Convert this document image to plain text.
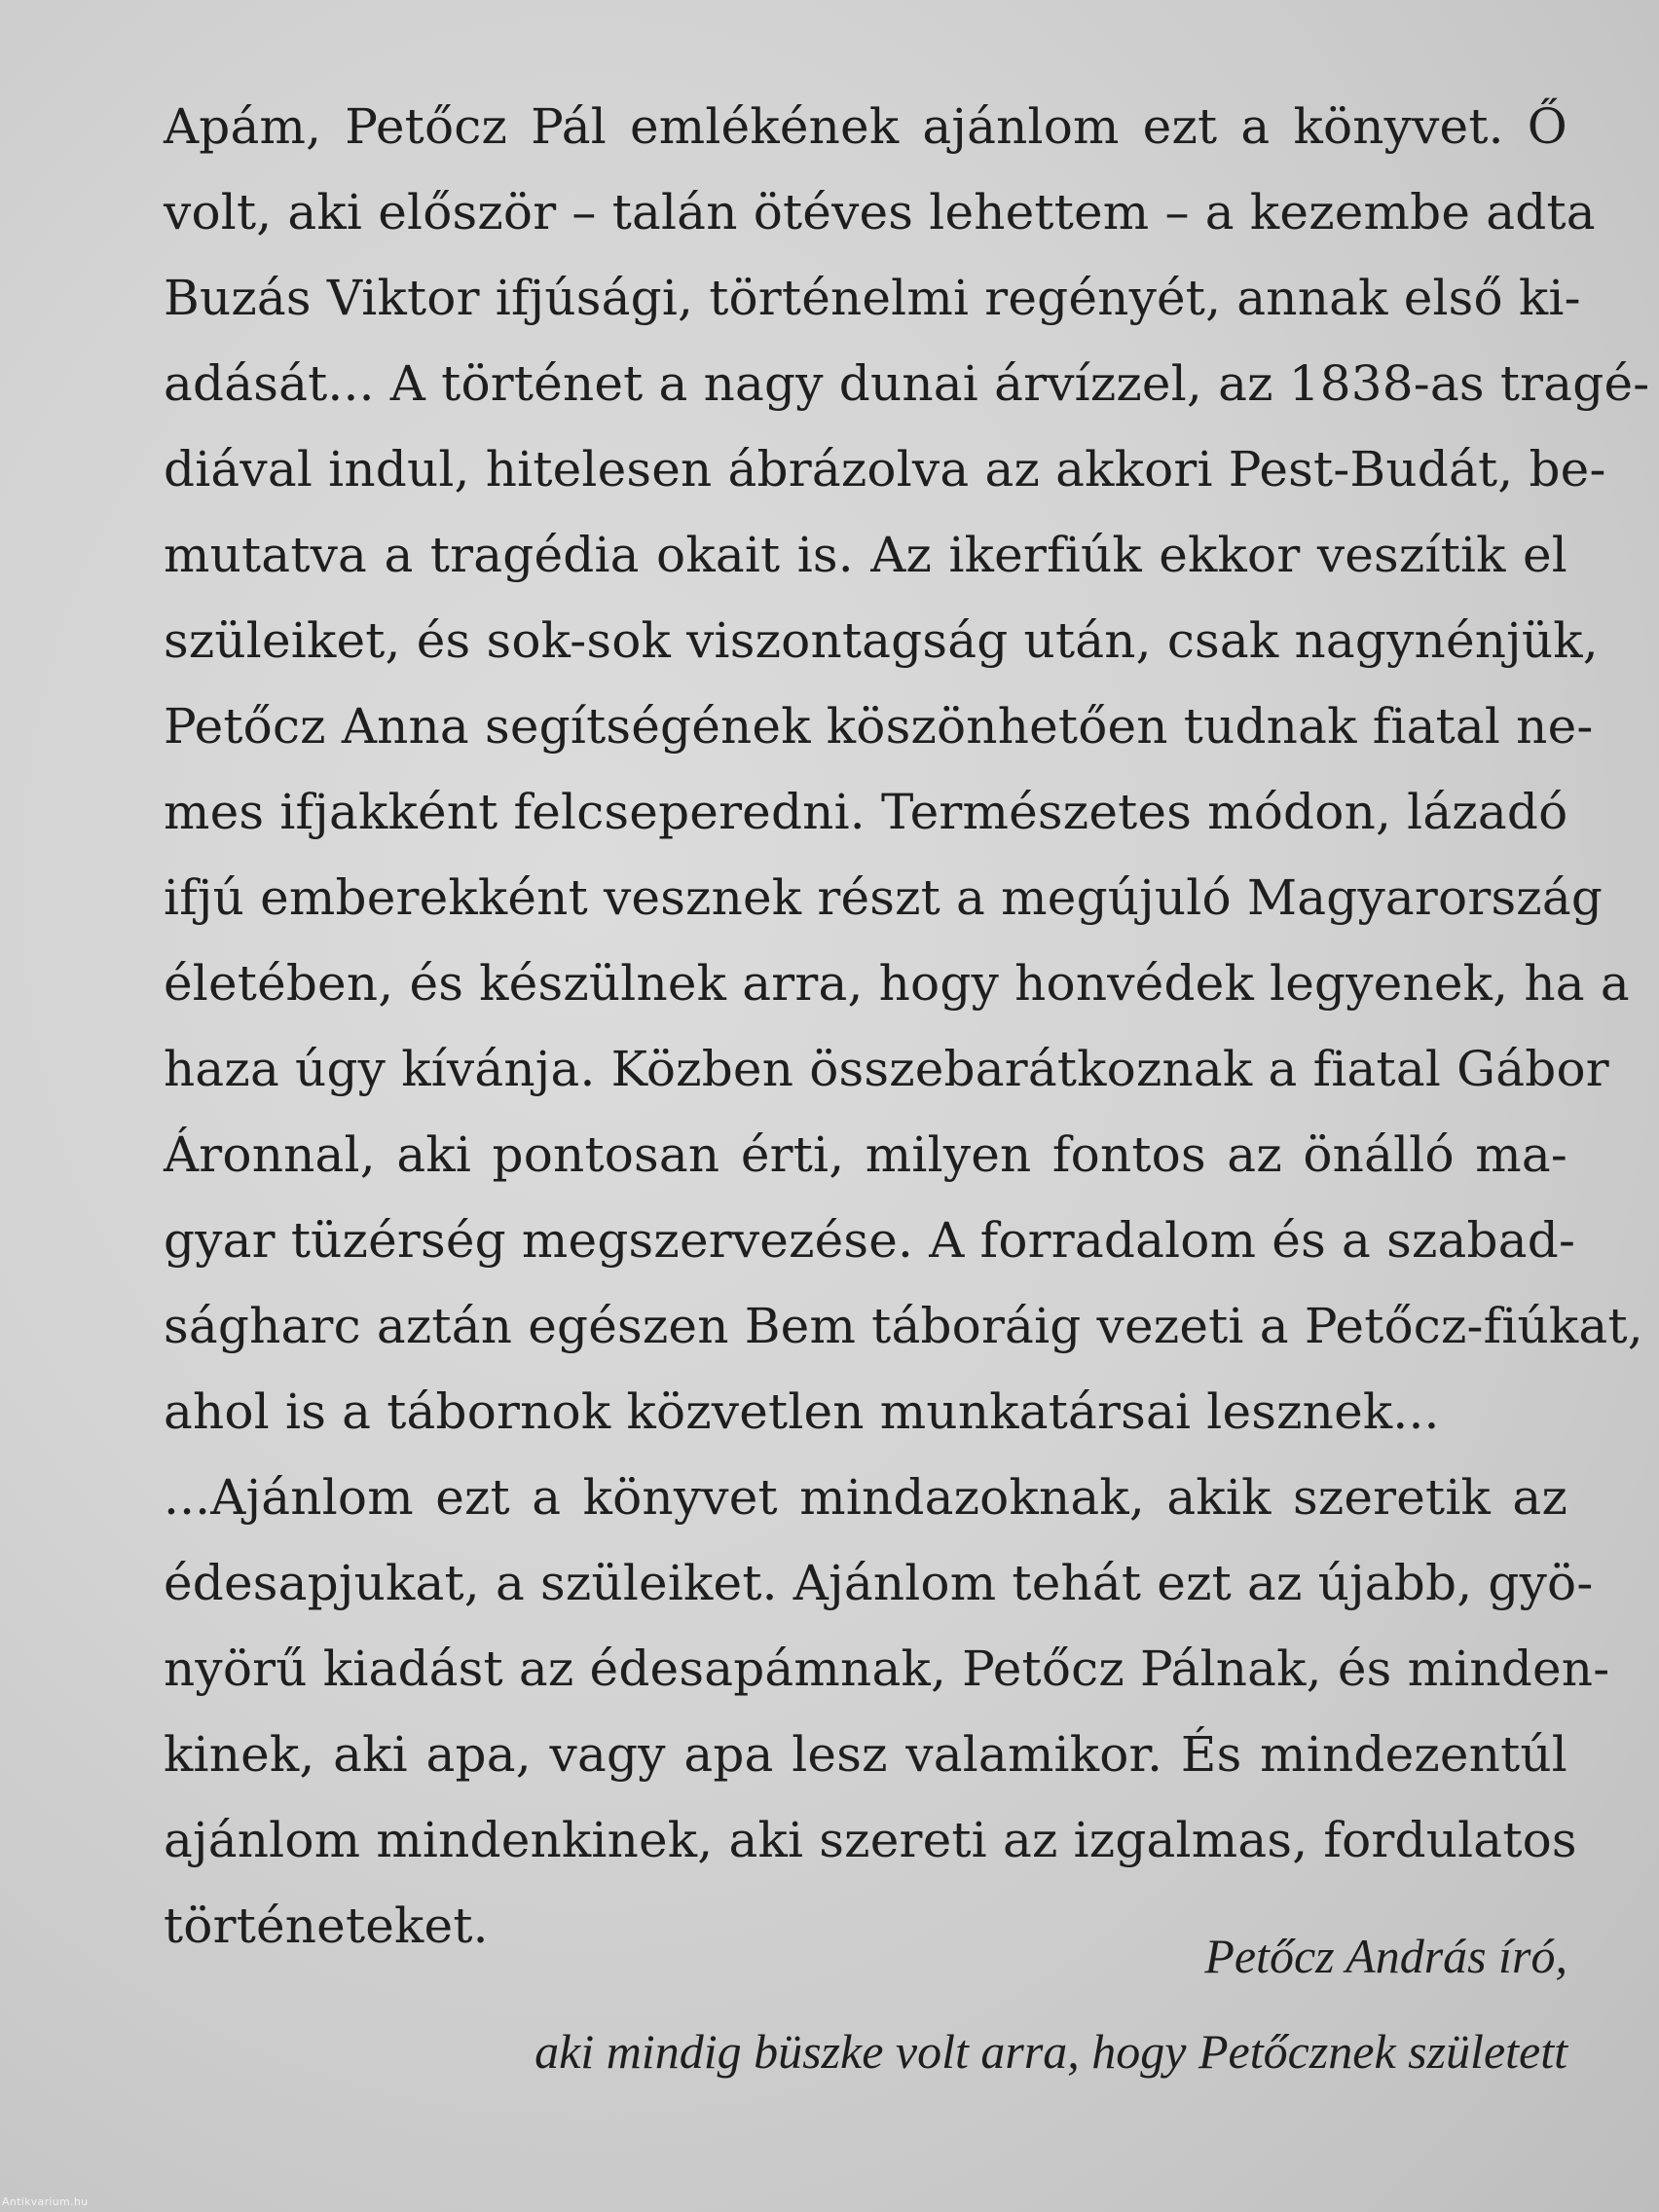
Apám, Petőcz Pál emlékének ajánlom ezt a könyvet. Ő
volt, aki először – talán ötéves lehettem – a kezembe adta
Buzás Viktor ifjúsági, történelmi regényét, annak első ki-
adását... A történet a nagy dunai árvízzel, az 1838-as tragé-
diával indul, hitelesen ábrázolva az akkori Pest-Budát, be-
mutatva a tragédia okait is. Az ikerfiúk ekkor veszítik el
szüleiket, és sok-sok viszontagság után, csak nagynénjük,
Petőcz Anna segítségének köszönhetően tudnak fiatal ne-
mes ifjakként felcseperedni. Természetes módon, lázadó
ifjú emberekként vesznek részt a megújuló Magyarország
életében, és készülnek arra, hogy honvédek legyenek, ha a
haza úgy kívánja. Közben összebarátkoznak a fiatal Gábor
Áronnal, aki pontosan érti, milyen fontos az önálló ma-
gyar tüzérség megszervezése. A forradalom és a szabad-
ságharc aztán egészen Bem táboráig vezeti a Petőcz-fiúkat,
ahol is a tábornok közvetlen munkatársai lesznek...
...Ajánlom ezt a könyvet mindazoknak, akik szeretik az
édesapjukat, a szüleiket. Ajánlom tehát ezt az újabb, gyö-
nyörű kiadást az édesapámnak, Petőcz Pálnak, és minden-
kinek, aki apa, vagy apa lesz valamikor. És mindezentúl
ajánlom mindenkinek, aki szereti az izgalmas, fordulatos
történeteket.
Petőcz András író,
aki mindig büszke volt arra, hogy Petőcznek született
Antikvarium.hu
